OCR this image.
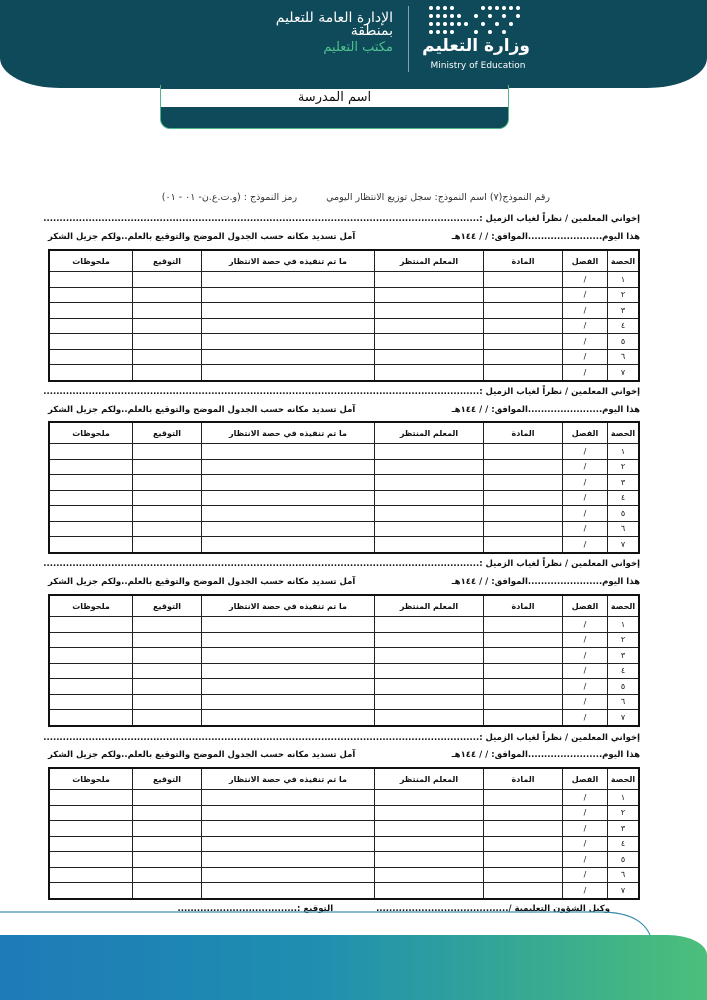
وزارة التعليم
Ministry of Education
الإدارة العامة للتعليم
بمنطقة
مكتب التعليم
اسم المدرسة
رقم النموذج(٧) اسم النموذج: سجل توزيع الانتظار اليومي رمز النموذج : (و.ت.ع.ن- ٠١ - ٠١)
إخواني المعلمين / نظراً لغياب الزميل :.......................................................................................................................................
هذا اليوم.......................الموافق: / / ١٤٤هـ
آمل تسديد مكانه حسب الجدول الموضح والتوقيع بالعلم..ولكم جزيل الشكر
الحصة	الفصل	المادة	المعلم المنتظر	ما تم تنفيذه في حصة الانتظار	التوقيع	ملحوظات
١	/					
٢	/					
٣	/					
٤	/					
٥	/					
٦	/					
٧	/					
إخواني المعلمين / نظراً لغياب الزميل :.......................................................................................................................................
هذا اليوم.......................الموافق: / / ١٤٤هـ
آمل تسديد مكانه حسب الجدول الموضح والتوقيع بالعلم..ولكم جزيل الشكر
الحصة	الفصل	المادة	المعلم المنتظر	ما تم تنفيذه في حصة الانتظار	التوقيع	ملحوظات
١	/					
٢	/					
٣	/					
٤	/					
٥	/					
٦	/					
٧	/					
إخواني المعلمين / نظراً لغياب الزميل :.......................................................................................................................................
هذا اليوم.......................الموافق: / / ١٤٤هـ
آمل تسديد مكانه حسب الجدول الموضح والتوقيع بالعلم..ولكم جزيل الشكر
الحصة	الفصل	المادة	المعلم المنتظر	ما تم تنفيذه في حصة الانتظار	التوقيع	ملحوظات
١	/					
٢	/					
٣	/					
٤	/					
٥	/					
٦	/					
٧	/					
إخواني المعلمين / نظراً لغياب الزميل :.......................................................................................................................................
هذا اليوم.......................الموافق: / / ١٤٤هـ
آمل تسديد مكانه حسب الجدول الموضح والتوقيع بالعلم..ولكم جزيل الشكر
الحصة	الفصل	المادة	المعلم المنتظر	ما تم تنفيذه في حصة الانتظار	التوقيع	ملحوظات
١	/					
٢	/					
٣	/					
٤	/					
٥	/					
٦	/					
٧	/					
وكيل الشؤون التعليمية /......................................... التوقيع :.....................................
